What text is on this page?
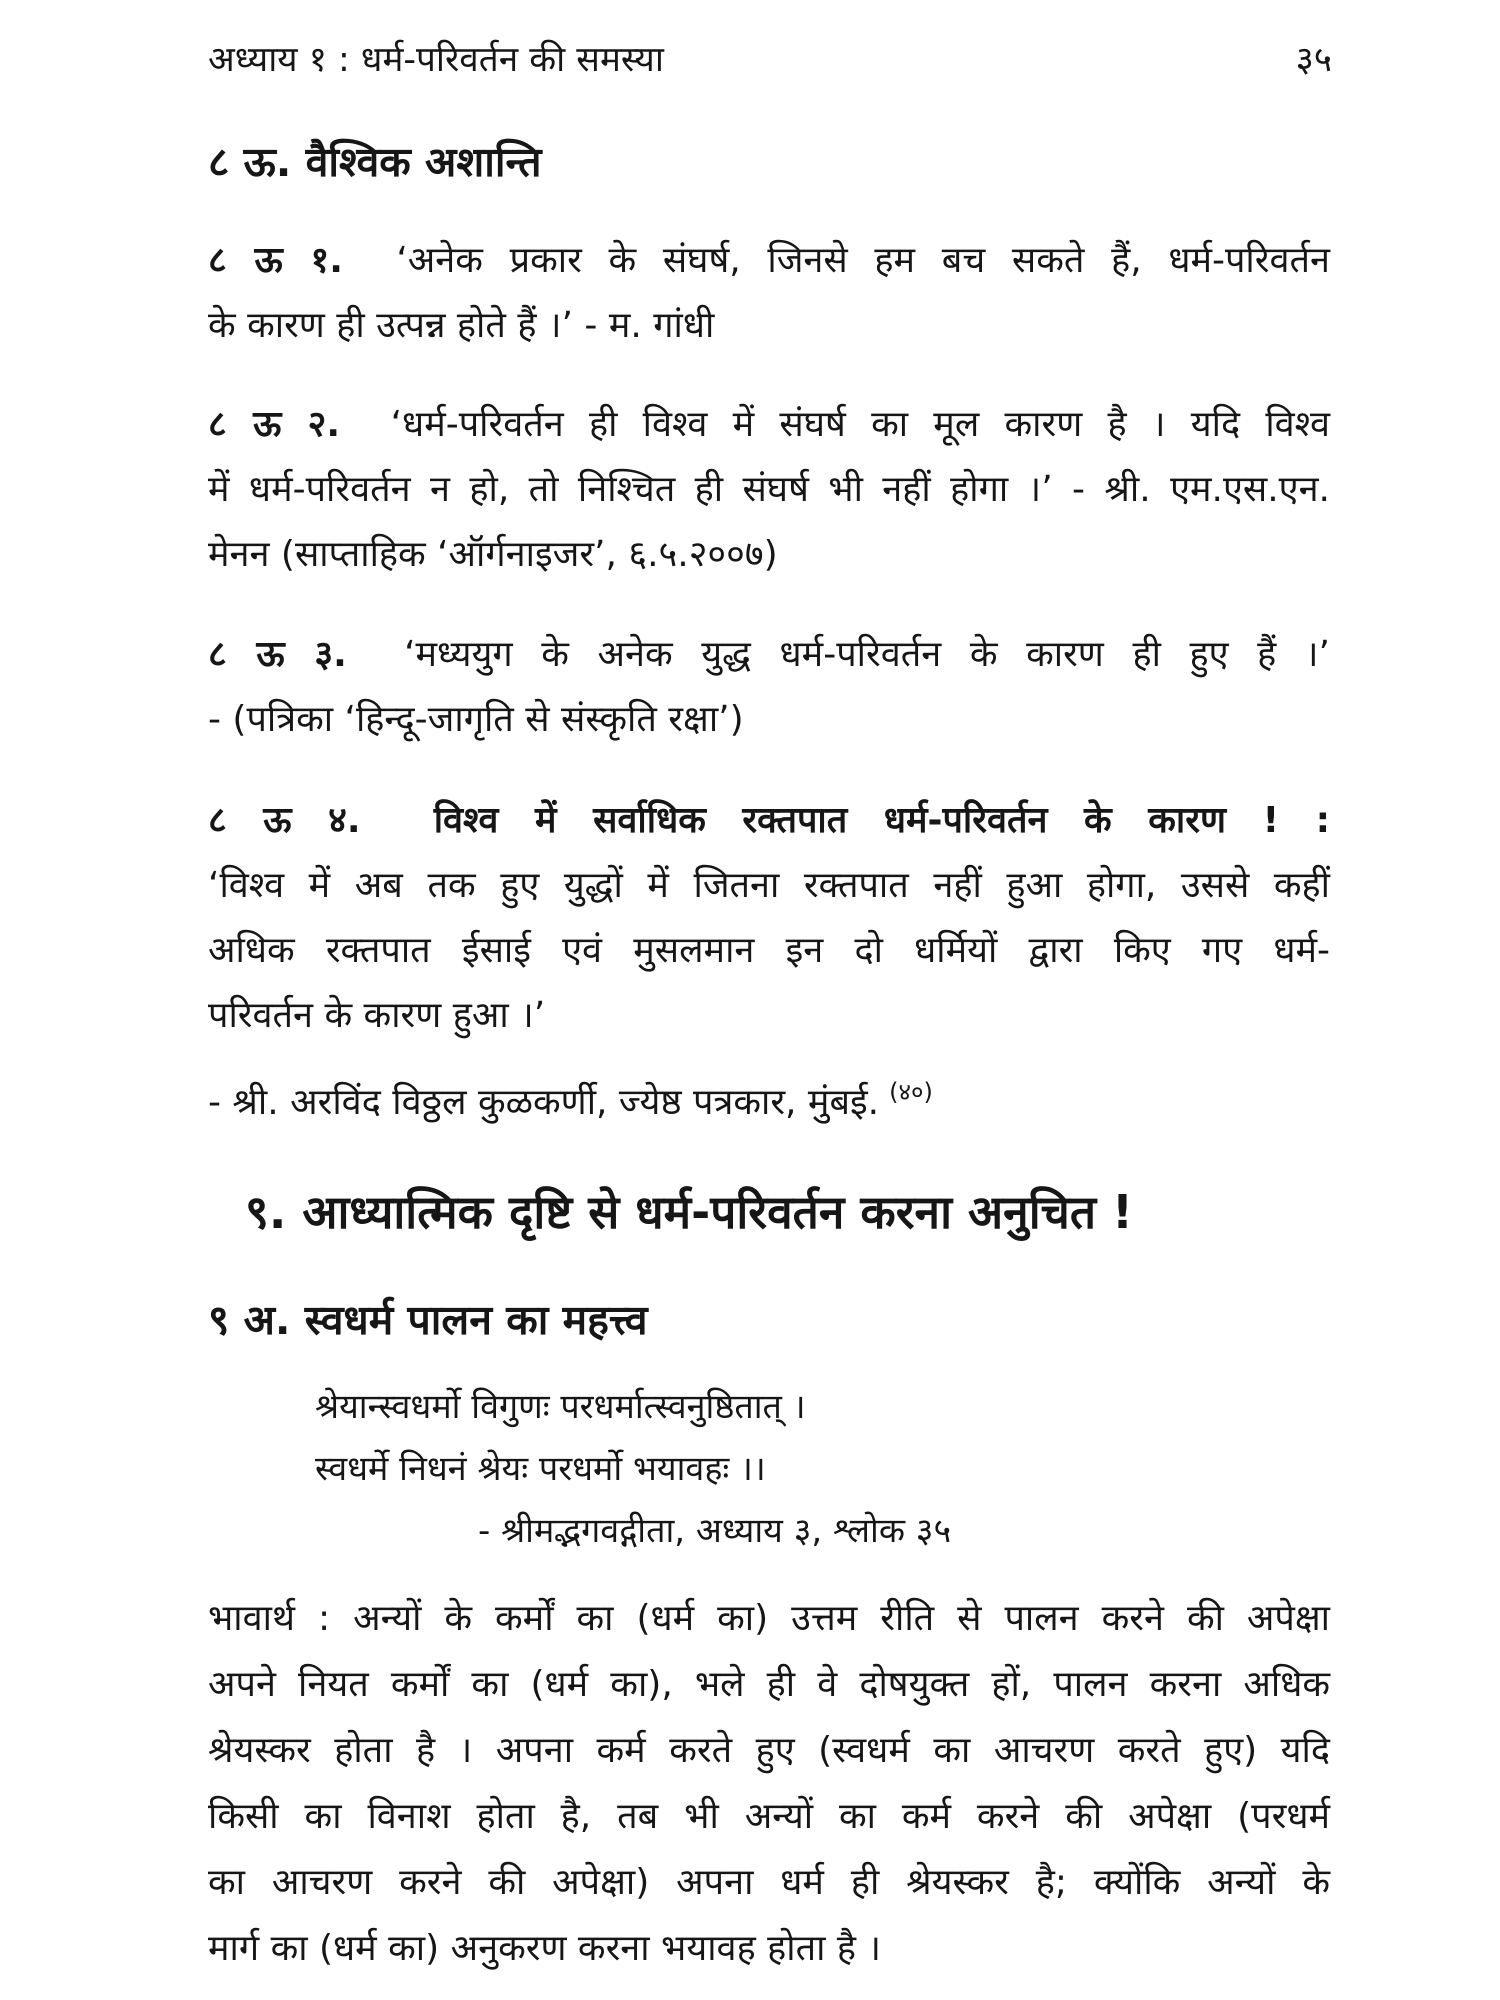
अध्याय १ : धर्म-परिवर्तन की समस्या	३५
८ ऊ. वैश्विक अशान्ति
८ ऊ १. ‘अनेक प्रकार के संघर्ष, जिनसे हम बच सकते हैं, धर्म-परिवर्तन
के कारण ही उत्पन्न होते हैं ।’ - म. गांधी
८ ऊ २. ‘धर्म-परिवर्तन ही विश्व में संघर्ष का मूल कारण है । यदि विश्व
में धर्म-परिवर्तन न हो, तो निश्चित ही संघर्ष भी नहीं होगा ।’ - श्री. एम.एस.एन.
मेनन (साप्ताहिक ‘ऑर्गनाइजर’, ६.५.२००७)
८ ऊ ३. ‘मध्ययुग के अनेक युद्ध धर्म-परिवर्तन के कारण ही हुए हैं ।’
- (पत्रिका ‘हिन्दू-जागृति से संस्कृति रक्षा’)
८ ऊ ४. विश्व में सर्वाधिक रक्तपात धर्म-परिवर्तन के कारण ! :
‘विश्व में अब तक हुए युद्धों में जितना रक्तपात नहीं हुआ होगा, उससे कहीं
अधिक रक्तपात ईसाई एवं मुसलमान इन दो धर्मियों द्वारा किए गए धर्म-
परिवर्तन के कारण हुआ ।’
- श्री. अरविंद विठ्ठल कुळकर्णी, ज्येष्ठ पत्रकार, मुंबई. $^{(४०)}$
९. आध्यात्मिक दृष्टि से धर्म-परिवर्तन करना अनुचित !
९ अ. स्वधर्म पालन का महत्त्व
श्रेयान्स्वधर्मो विगुणः परधर्मात्स्वनुष्ठितात् ।
स्वधर्मे निधनं श्रेयः परधर्मो भयावहः ।।
- श्रीमद्भगवद्गीता, अध्याय ३, श्लोक ३५
भावार्थ : अन्यों के कर्मों का (धर्म का) उत्तम रीति से पालन करने की अपेक्षा
अपने नियत कर्मों का (धर्म का), भले ही वे दोषयुक्त हों, पालन करना अधिक
श्रेयस्कर होता है । अपना कर्म करते हुए (स्वधर्म का आचरण करते हुए) यदि
किसी का विनाश होता है, तब भी अन्यों का कर्म करने की अपेक्षा (परधर्म
का आचरण करने की अपेक्षा) अपना धर्म ही श्रेयस्कर है; क्योंकि अन्यों के
मार्ग का (धर्म का) अनुकरण करना भयावह होता है ।
